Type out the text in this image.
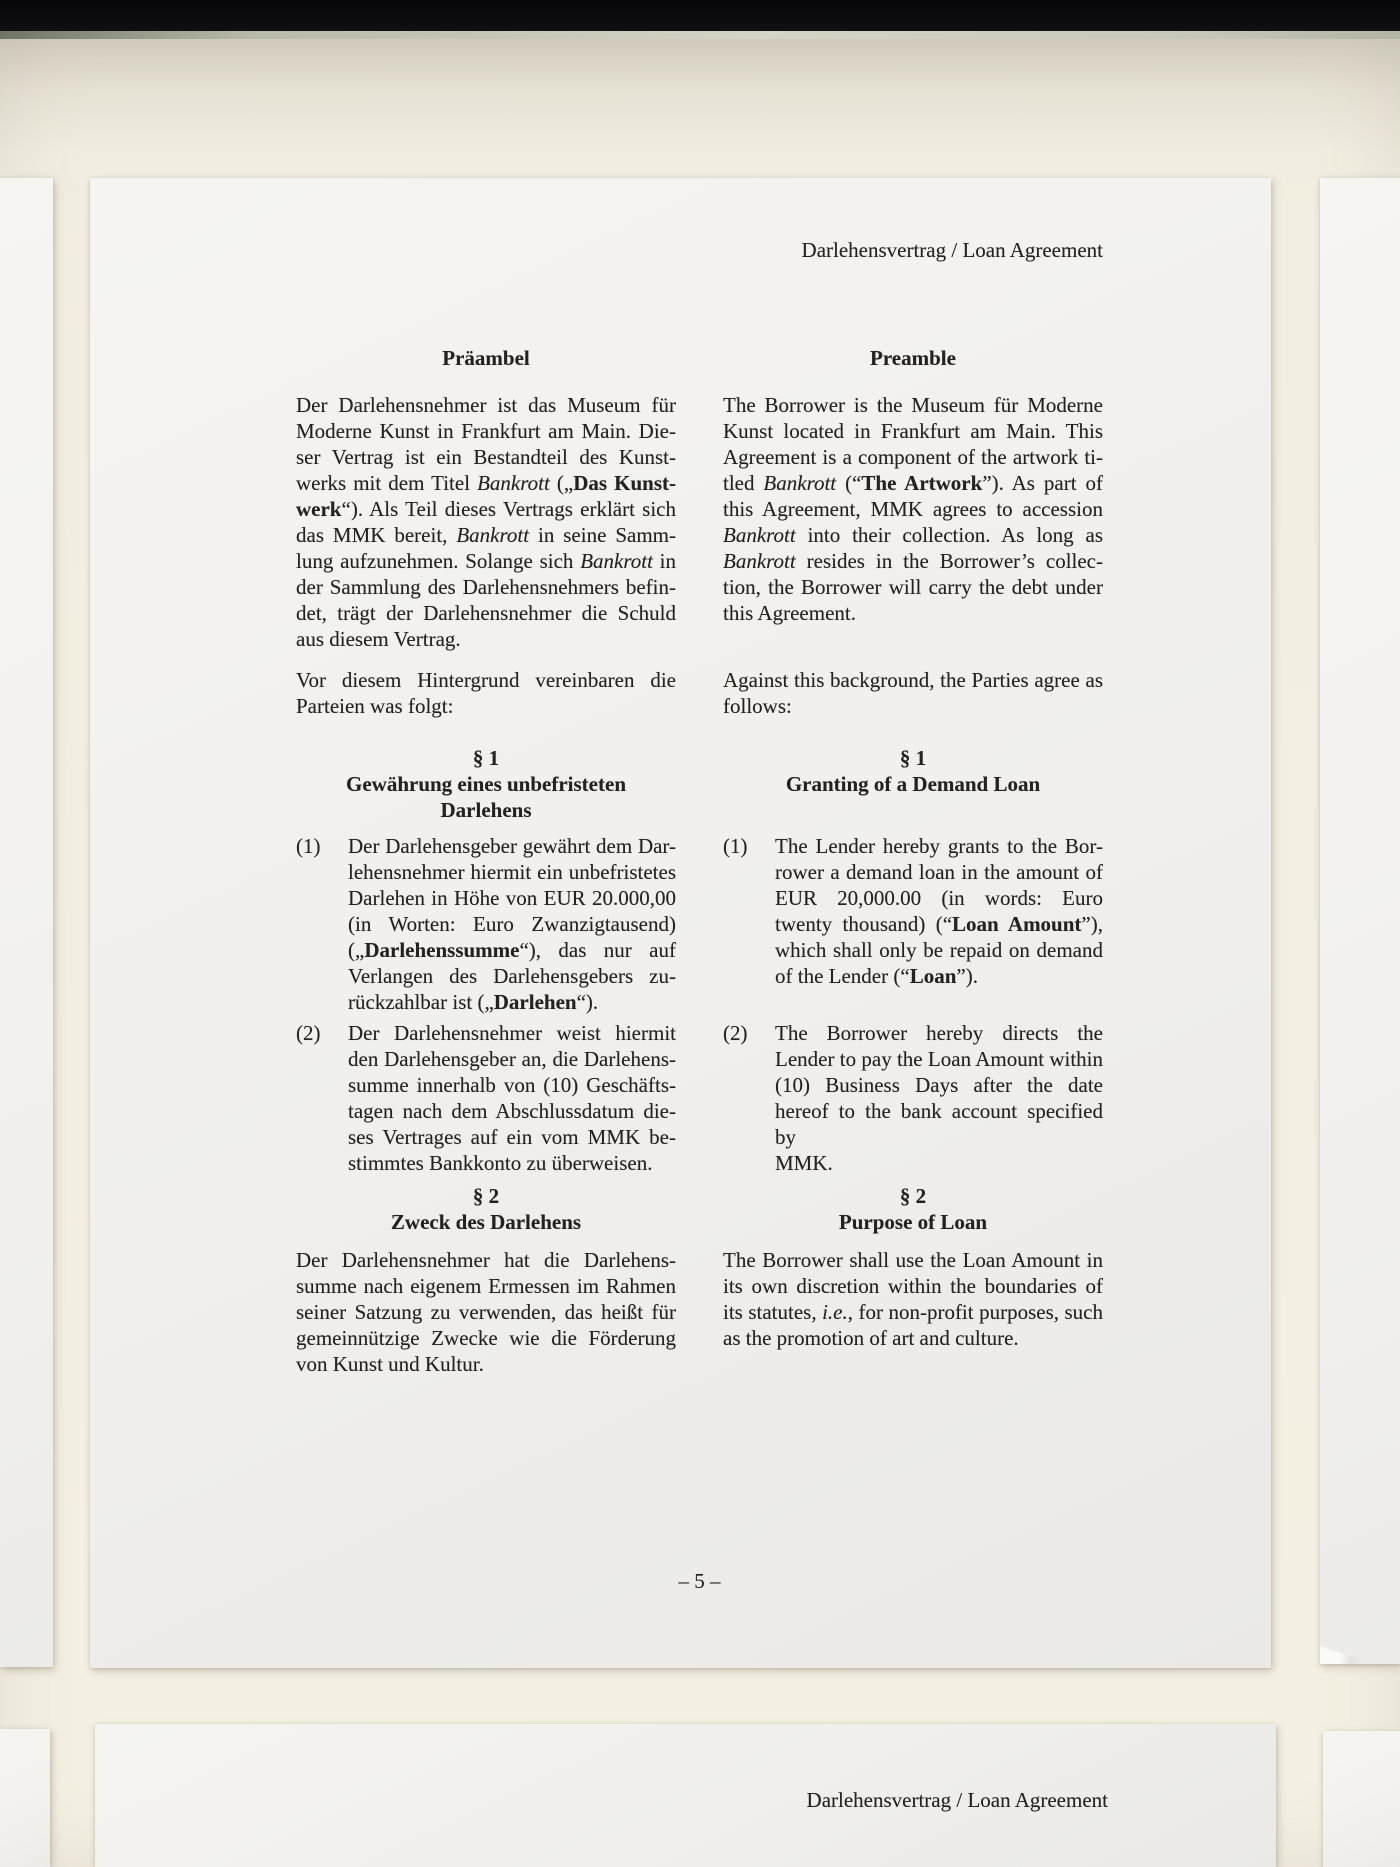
Darlehensvertrag / Loan Agreement
Präambel
Der Darlehensnehmer ist das Museum für
Moderne Kunst in Frankfurt am Main. Die-
ser Vertrag ist ein Bestandteil des Kunst-
werks mit dem Titel Bankrott („Das Kunst-
werk“). Als Teil dieses Vertrags erklärt sich
das MMK bereit, Bankrott in seine Samm-
lung aufzunehmen. Solange sich Bankrott in
der Sammlung des Darlehensnehmers befin-
det, trägt der Darlehensnehmer die Schuld
aus diesem Vertrag.
Vor diesem Hintergrund vereinbaren die
Parteien was folgt:
§ 1
Gewährung eines unbefristeten
Darlehens
(1) Der Darlehensgeber gewährt dem Dar-
lehensnehmer hiermit ein unbefristetes
Darlehen in Höhe von EUR 20.000,00
(in Worten: Euro Zwanzigtausend)
(„Darlehenssumme“), das nur auf
Verlangen des Darlehensgebers zu-
rückzahlbar ist („Darlehen“).
(2) Der Darlehensnehmer weist hiermit
den Darlehensgeber an, die Darlehens-
summe innerhalb von (10) Geschäfts-
tagen nach dem Abschlussdatum die-
ses Vertrages auf ein vom MMK be-
stimmtes Bankkonto zu überweisen.
§ 2
Zweck des Darlehens
Der Darlehensnehmer hat die Darlehens-
summe nach eigenem Ermessen im Rahmen
seiner Satzung zu verwenden, das heißt für
gemeinnützige Zwecke wie die Förderung
von Kunst und Kultur.
Preamble
The Borrower is the Museum für Moderne
Kunst located in Frankfurt am Main. This
Agreement is a component of the artwork ti-
tled Bankrott (“The Artwork”). As part of
this Agreement, MMK agrees to accession
Bankrott into their collection. As long as
Bankrott resides in the Borrower’s collec-
tion, the Borrower will carry the debt under
this Agreement.
Against this background, the Parties agree as
follows:
§ 1
Granting of a Demand Loan
(1) The Lender hereby grants to the Bor-
rower a demand loan in the amount of
EUR 20,000.00 (in words: Euro
twenty thousand) (“Loan Amount”),
which shall only be repaid on demand
of the Lender (“Loan”).
(2) The Borrower hereby directs the
Lender to pay the Loan Amount within
(10) Business Days after the date
hereof to the bank account specified by
MMK.
§ 2
Purpose of Loan
The Borrower shall use the Loan Amount in
its own discretion within the boundaries of
its statutes, i.e., for non-profit purposes, such
as the promotion of art and culture.
– 5 –
Darlehensvertrag / Loan Agreement
